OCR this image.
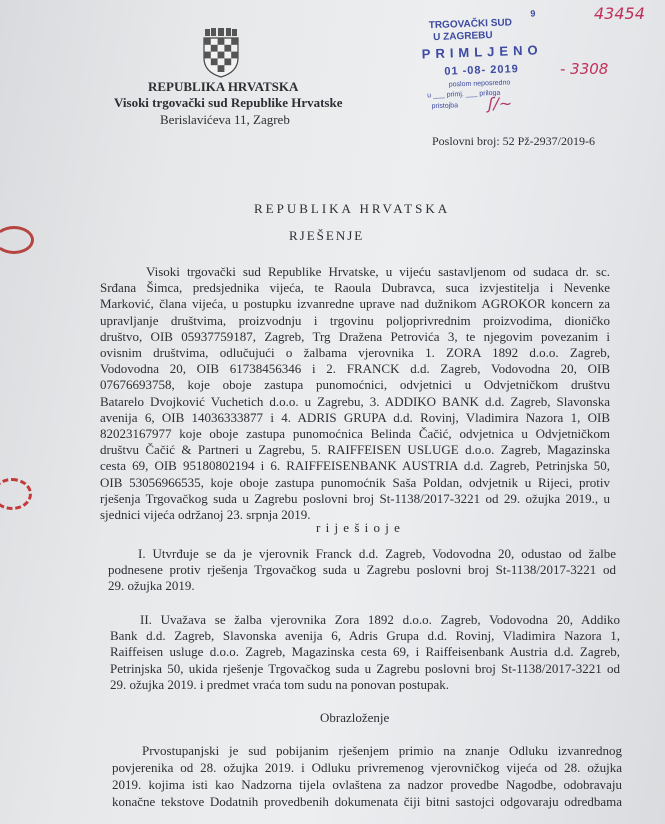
REPUBLIKA HRVATSKA
Visoki trgovački sud Republike Hrvatske
Berislavićeva 11, Zagreb
TRGOVAČKI SUD
U ZAGREBU
9
PRIMLJENO
01 -08- 2019
poslom neposredno
u ___ primj. ___ priloga
pristojba ʃ∕~
43454
- 3308
Poslovni broj: 52 Pž-2937/2019-6
REPUBLIKA HRVATSKA
RJEŠENJE
Visoki trgovački sud Republike Hrvatske, u vijeću sastavljenom od sudaca dr. sc.
Srđana Šimca, predsjednika vijeća, te Raoula Dubravca, suca izvjestitelja i Nevenke
Marković, člana vijeća, u postupku izvanredne uprave nad dužnikom AGROKOR koncern za
upravljanje društvima, proizvodnju i trgovinu poljoprivrednim proizvodima, dioničko
društvo, OIB 05937759187, Zagreb, Trg Dražena Petrovića 3, te njegovim povezanim i
ovisnim društvima, odlučujući o žalbama vjerovnika 1. ZORA 1892 d.o.o. Zagreb,
Vodovodna 20, OIB 61738456346 i 2. FRANCK d.d. Zagreb, Vodovodna 20, OIB
07676693758, koje oboje zastupa punomoćnici, odvjetnici u Odvjetničkom društvu
Batarelo Dvojković Vuchetich d.o.o. u Zagrebu, 3. ADDIKO BANK d.d. Zagreb, Slavonska
avenija 6, OIB 14036333877 i 4. ADRIS GRUPA d.d. Rovinj, Vladimira Nazora 1, OIB
82023167977 koje oboje zastupa punomoćnica Belinda Čačić, odvjetnica u Odvjetničkom
društvu Čačić & Partneri u Zagrebu, 5. RAIFFEISEN USLUGE d.o.o. Zagreb, Magazinska
cesta 69, OIB 95180802194 i 6. RAIFFEISENBANK AUSTRIA d.d. Zagreb, Petrinjska 50,
OIB 53056966535, koje oboje zastupa punomoćnik Saša Poldan, odvjetnik u Rijeci, protiv
rješenja Trgovačkog suda u Zagrebu poslovni broj St-1138/2017-3221 od 29. ožujka 2019., u
sjednici vijeća održanoj 23. srpnja 2019.
r i j e š i o j e
I. Utvrđuje se da je vjerovnik Franck d.d. Zagreb, Vodovodna 20, odustao od žalbe
podnesene protiv rješenja Trgovačkog suda u Zagrebu poslovni broj St-1138/2017-3221 od
29. ožujka 2019.
II. Uvažava se žalba vjerovnika Zora 1892 d.o.o. Zagreb, Vodovodna 20, Addiko
Bank d.d. Zagreb, Slavonska avenija 6, Adris Grupa d.d. Rovinj, Vladimira Nazora 1,
Raiffeisen usluge d.o.o. Zagreb, Magazinska cesta 69, i Raiffeisenbank Austria d.d. Zagreb,
Petrinjska 50, ukida rješenje Trgovačkog suda u Zagrebu poslovni broj St-1138/2017-3221 od
29. ožujka 2019. i predmet vraća tom sudu na ponovan postupak.
Obrazloženje
Prvostupanjski je sud pobijanim rješenjem primio na znanje Odluku izvanrednog
povjerenika od 28. ožujka 2019. i Odluku privremenog vjerovničkog vijeća od 28. ožujka
2019. kojima isti kao Nadzorna tijela ovlaštena za nadzor provedbe Nagodbe, odobravaju
konačne tekstove Dodatnih provedbenih dokumenata čiji bitni sastojci odgovaraju odredbama
